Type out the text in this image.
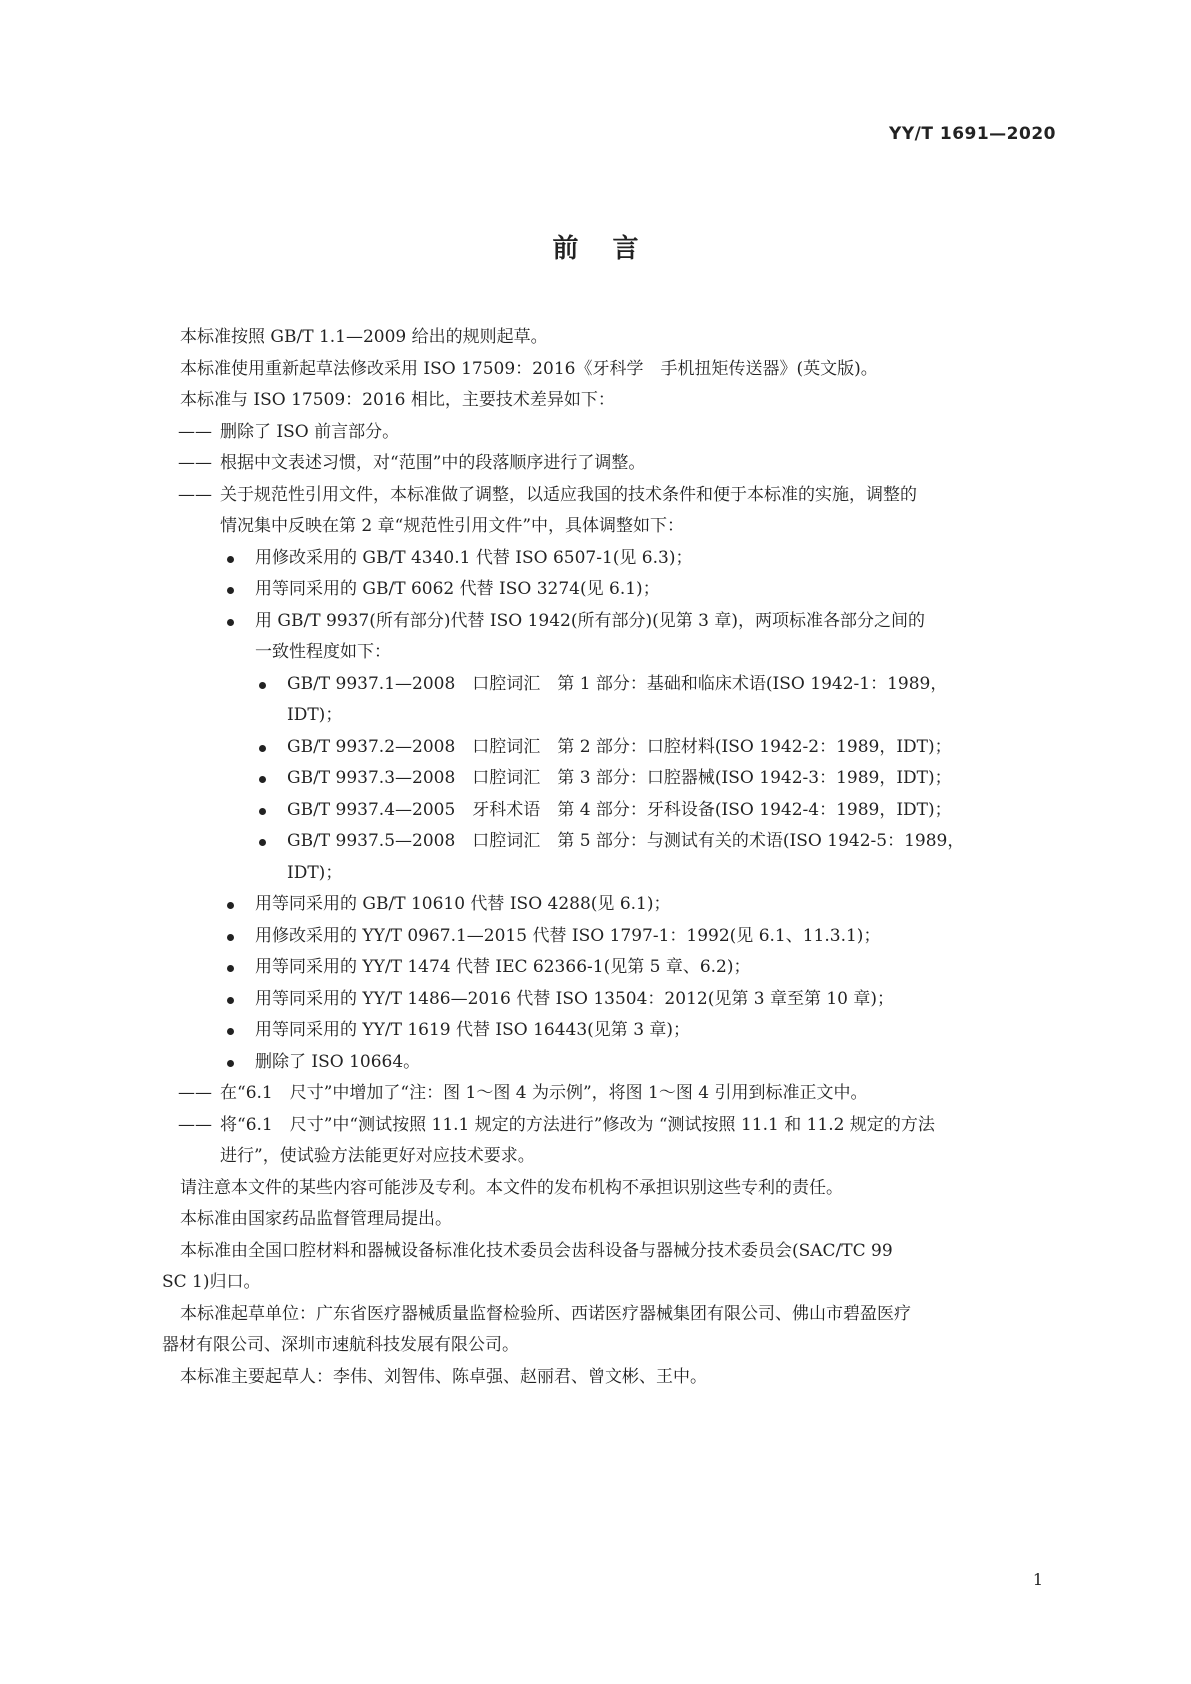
YY/T 1691—2020
前言
本标准按照 GB/T 1.1—2009 给出的规则起草。
本标准使用重新起草法修改采用 ISO 17509：2016《牙科学　手机扭矩传送器》(英文版)。
本标准与 ISO 17509：2016 相比，主要技术差异如下：
—— 删除了 ISO 前言部分。
—— 根据中文表述习惯，对“范围”中的段落顺序进行了调整。
—— 关于规范性引用文件，本标准做了调整，以适应我国的技术条件和便于本标准的实施，调整的
情况集中反映在第 2 章“规范性引用文件”中，具体调整如下：
用修改采用的 GB/T 4340.1 代替 ISO 6507-1(见 6.3)；
用等同采用的 GB/T 6062 代替 ISO 3274(见 6.1)；
用 GB/T 9937(所有部分)代替 ISO 1942(所有部分)(见第 3 章)，两项标准各部分之间的
一致性程度如下：
GB/T 9937.1—2008　口腔词汇　第 1 部分：基础和临床术语(ISO 1942-1：1989，
IDT)；
GB/T 9937.2—2008　口腔词汇　第 2 部分：口腔材料(ISO 1942-2：1989，IDT)；
GB/T 9937.3—2008　口腔词汇　第 3 部分：口腔器械(ISO 1942-3：1989，IDT)；
GB/T 9937.4—2005　牙科术语　第 4 部分：牙科设备(ISO 1942-4：1989，IDT)；
GB/T 9937.5—2008　口腔词汇　第 5 部分：与测试有关的术语(ISO 1942-5：1989，
IDT)；
用等同采用的 GB/T 10610 代替 ISO 4288(见 6.1)；
用修改采用的 YY/T 0967.1—2015 代替 ISO 1797-1：1992(见 6.1、11.3.1)；
用等同采用的 YY/T 1474 代替 IEC 62366-1(见第 5 章、6.2)；
用等同采用的 YY/T 1486—2016 代替 ISO 13504：2012(见第 3 章至第 10 章)；
用等同采用的 YY/T 1619 代替 ISO 16443(见第 3 章)；
删除了 ISO 10664。
—— 在“6.1　尺寸”中增加了“注：图 1～图 4 为示例”，将图 1～图 4 引用到标准正文中。
—— 将“6.1　尺寸”中“测试按照 11.1 规定的方法进行”修改为 “测试按照 11.1 和 11.2 规定的方法
进行”，使试验方法能更好对应技术要求。
请注意本文件的某些内容可能涉及专利。本文件的发布机构不承担识别这些专利的责任。
本标准由国家药品监督管理局提出。
本标准由全国口腔材料和器械设备标准化技术委员会齿科设备与器械分技术委员会(SAC/TC 99
SC 1)归口。
本标准起草单位：广东省医疗器械质量监督检验所、西诺医疗器械集团有限公司、佛山市碧盈医疗
器材有限公司、深圳市速航科技发展有限公司。
本标准主要起草人：李伟、刘智伟、陈卓强、赵丽君、曾文彬、王中。
1
